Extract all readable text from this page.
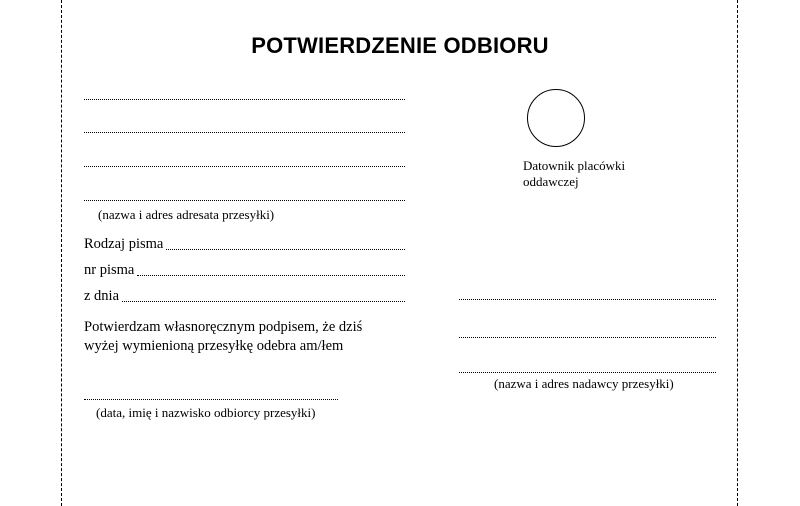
POTWIERDZENIE ODBIORU
(nazwa i adres adresata przesyłki)
Datownik placówki
oddawczej
Rodzaj pisma
nr pisma
z dnia
Potwierdzam własnoręcznym podpisem, że dziś
wyżej wymienioną przesyłkę odebra am/łem
(data, imię i nazwisko odbiorcy przesyłki)
(nazwa i adres nadawcy przesyłki)
